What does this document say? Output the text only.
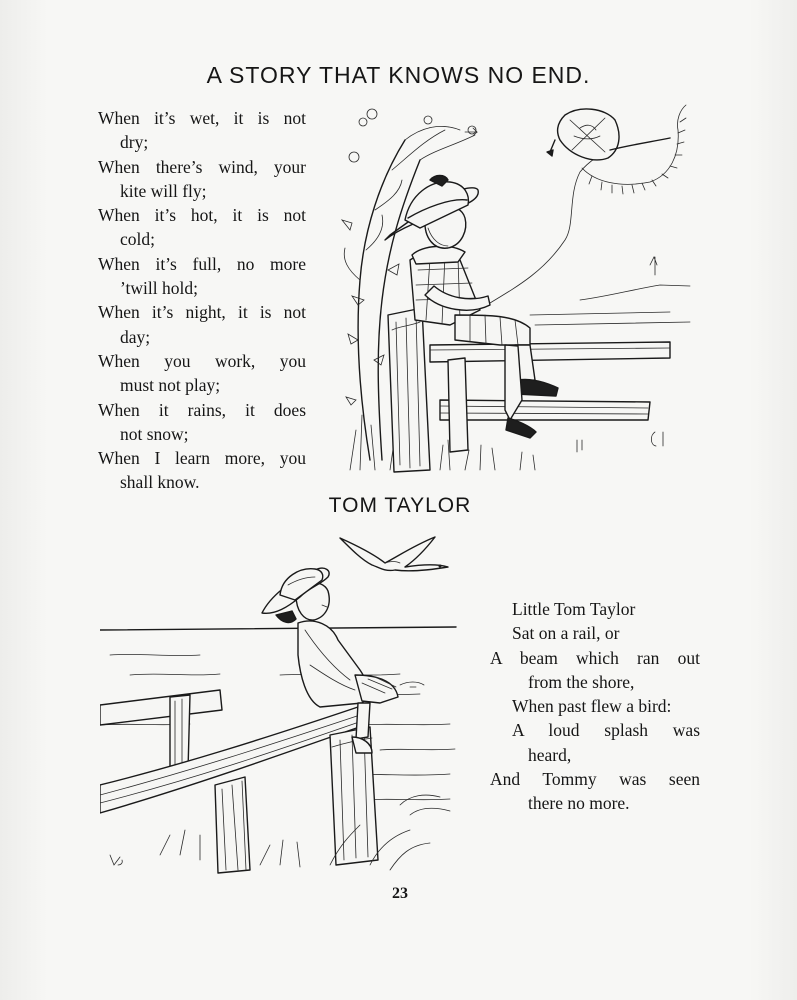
A STORY THAT KNOWS NO END.
When it’s wet, it is not
dry;
When there’s wind, your
kite will fly;
When it’s hot, it is not
cold;
When it’s full, no more
’twill hold;
When it’s night, it is not
day;
When you work, you
must not play;
When it rains, it does
not snow;
When I learn more, you
shall know.
TOM TAYLOR
Little Tom Taylor
Sat on a rail, or
A beam which ran out
from the shore,
When past flew a bird:
A loud splash was
heard,
And Tommy was seen
there no more.
23
